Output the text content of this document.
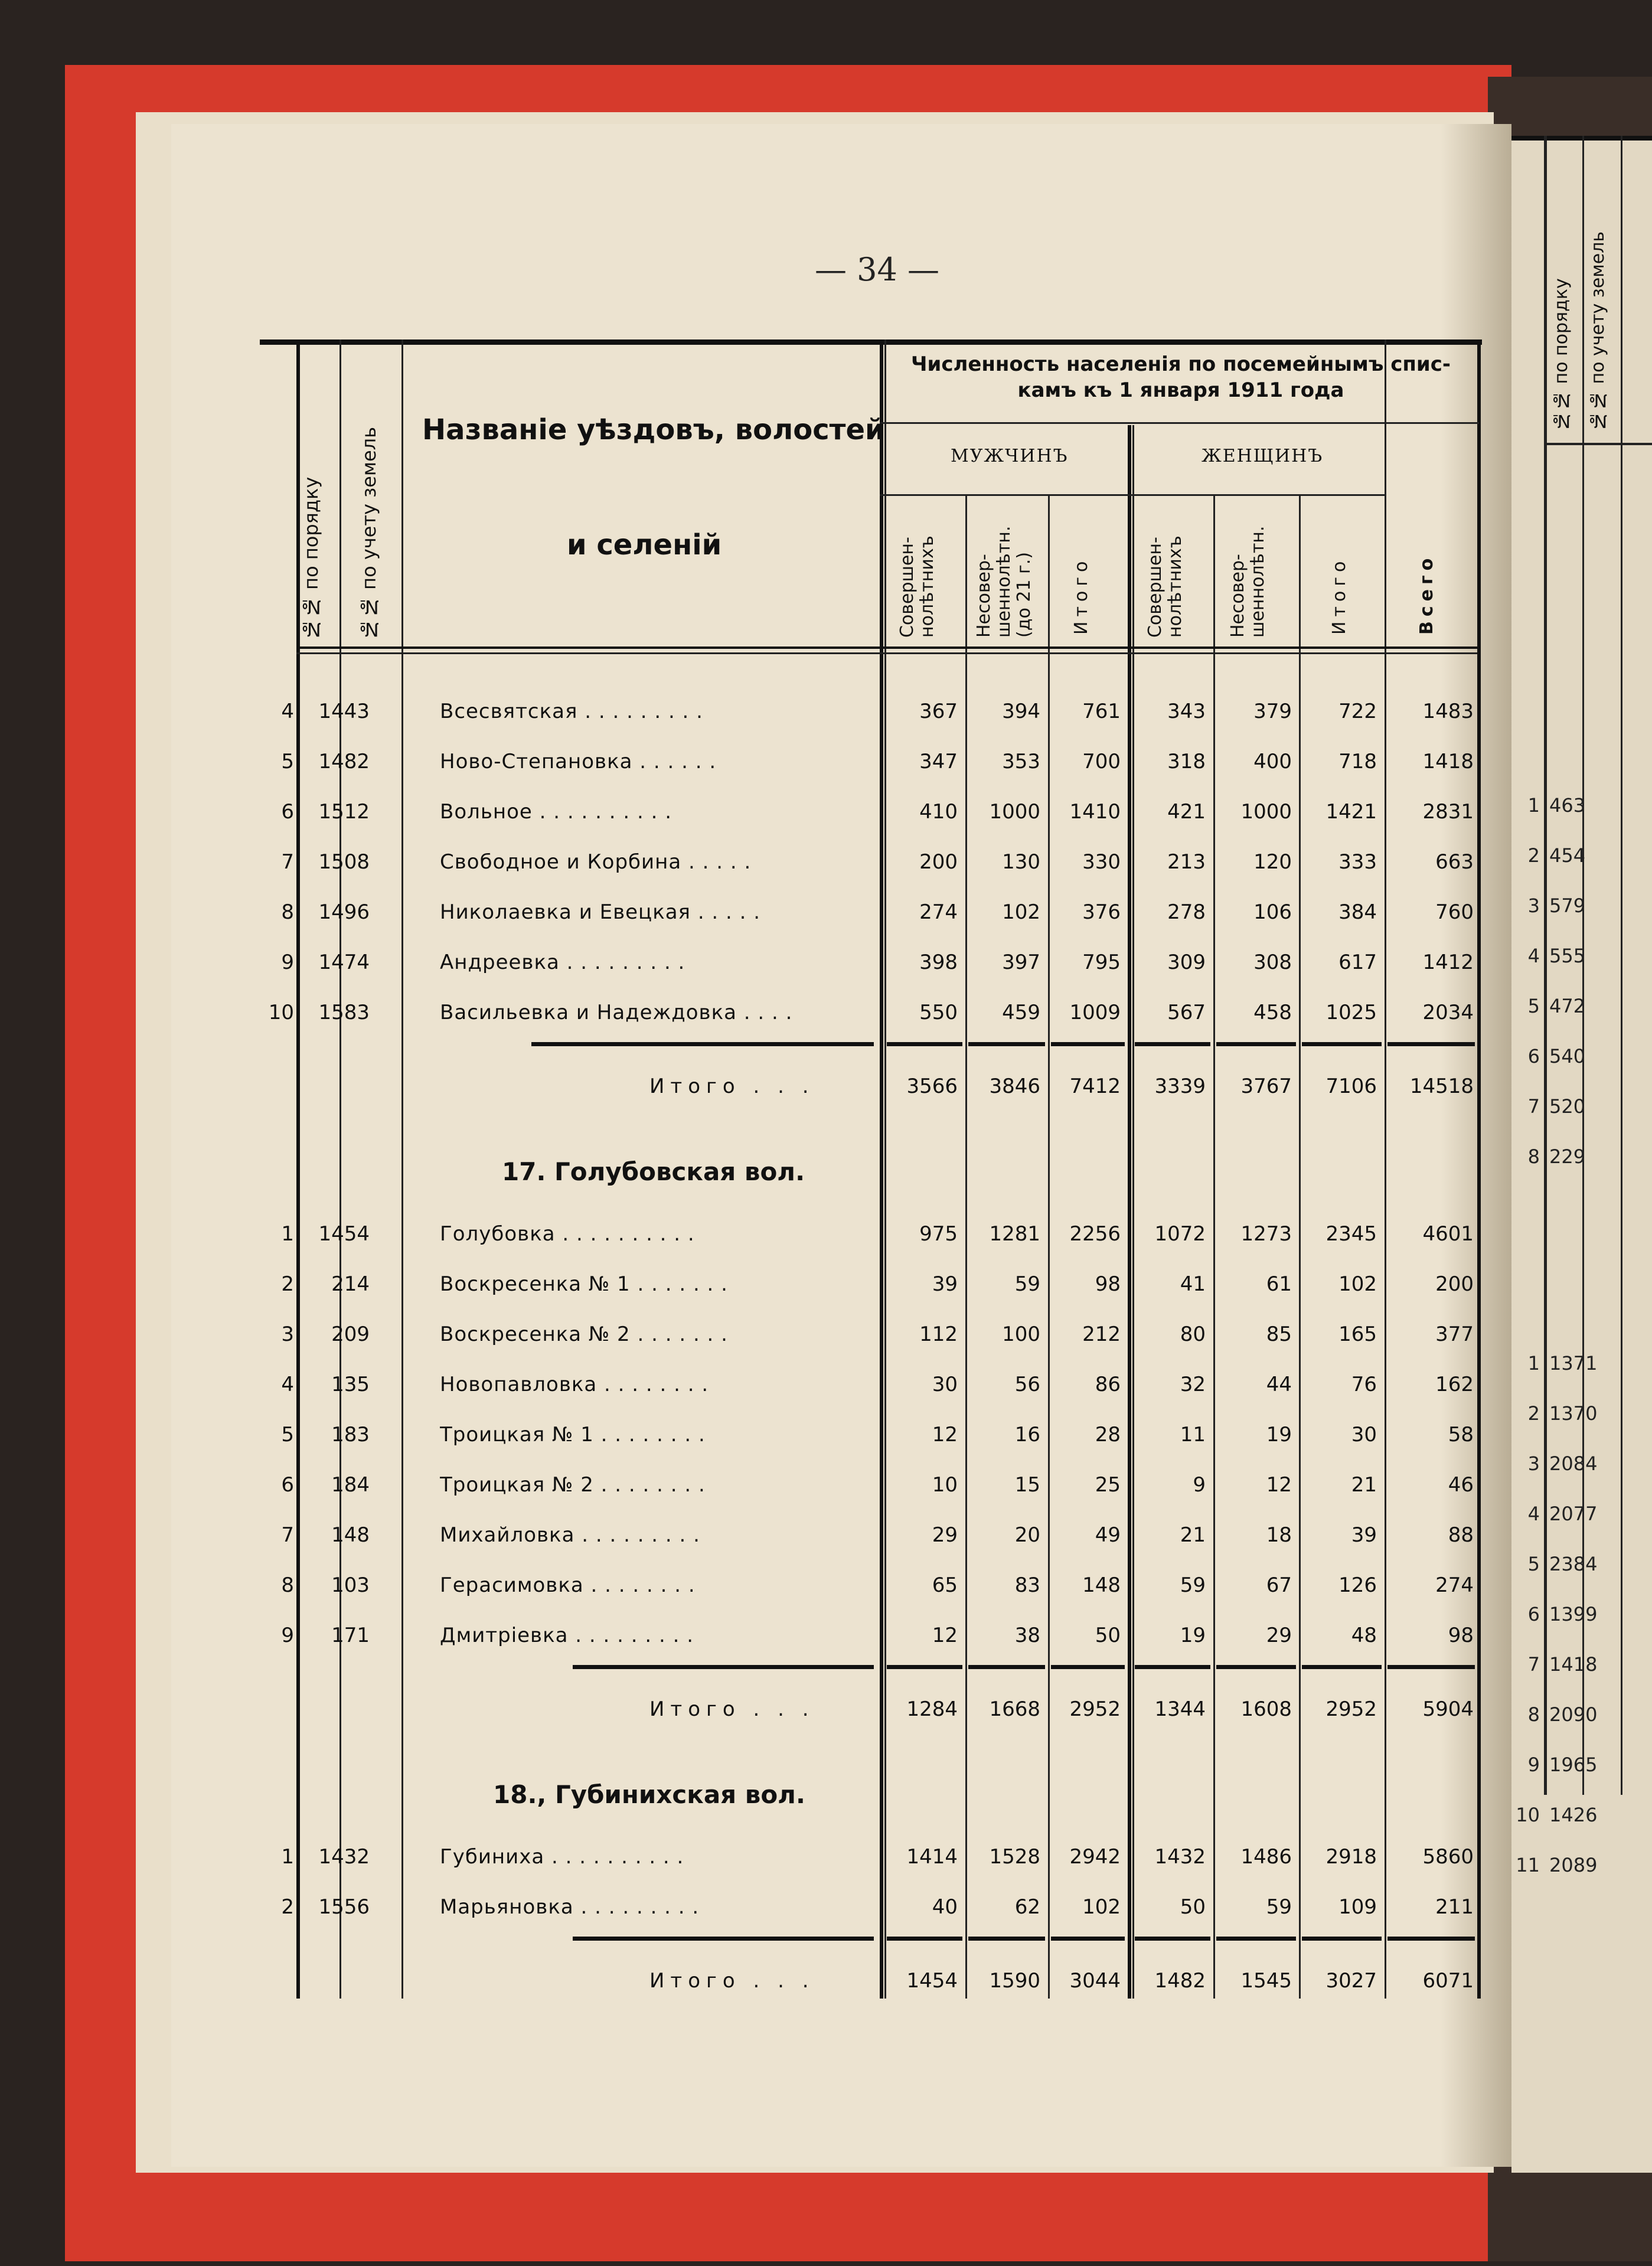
— 34 —
№№ по порядку №№ по учету земель Названіе уѣздовъ, волостей
и селеній
Численность населенія по посемейнымъ спис-камъ къ 1 января 1911 года
МУЖЧИНЪ	ЖЕНЩИНЪ
Совершен-нолѣтнихъ	Несовер-шеннолѣтн. (до 21 г.)	Итого	Совершен-нолѣтнихъ	Несовер-шеннолѣтн.	Итого	Всего
4	1443	Всесвятская . . . . . . . . .	367	394	761	343	379	722	1483
5	1482	Ново-Степановка . . . . . .	347	353	700	318	400	718	1418
6	1512	Вольное . . . . . . . . . .	410	1000	1410	421	1000	1421	2831
7	1508	Свободное и Корбина . . . . .	200	130	330	213	120	333	663
8	1496	Николаевка и Евецкая . . . . .	274	102	376	278	106	384	760
9	1474	Андреевка . . . . . . . . .	398	397	795	309	308	617	1412
10	1583	Васильевка и Надеждовка . . . .	550	459	1009	567	458	1025	2034
Итого . . .	3566	3846	7412	3339	3767	7106	14518
17. Голубовская вол.
1	1454	Голубовка . . . . . . . . . .	975	1281	2256	1072	1273	2345	4601
2	214	Воскресенка № 1 . . . . . . .	39	59	98	41	61	102	200
3	209	Воскресенка № 2 . . . . . . .	112	100	212	80	85	165	377
4	135	Новопавловка . . . . . . . .	30	56	86	32	44	76	162
5	183	Троицкая № 1 . . . . . . . .	12	16	28	11	19	30	58
6	184	Троицкая № 2 . . . . . . . .	10	15	25	9	12	21	46
7	148	Михайловка . . . . . . . . .	29	20	49	21	18	39	88
8	103	Герасимовка . . . . . . . .	65	83	148	59	67	126	274
9	171	Дмитріевка . . . . . . . . .	12	38	50	19	29	48	98
Итого . . .	1284	1668	2952	1344	1608	2952	5904
18., Губинихская вол.
1	1432	Губиниха . . . . . . . . . .	1414	1528	2942	1432	1486	2918	5860
2	1556	Марьяновка . . . . . . . . .	40	62	102	50	59	109	211
Итого . . .	1454	1590	3044	1482	1545	3027	6071
№№ по порядку №№ по учету земель
1 463
2 454
3 579
4 555
5 472
6 540
7 520
8 229
1 1371
2 1370
3 2084
4 2077
5 2384
6 1399
7 1418
8 2090
9 1965
10 1426
11 2089
